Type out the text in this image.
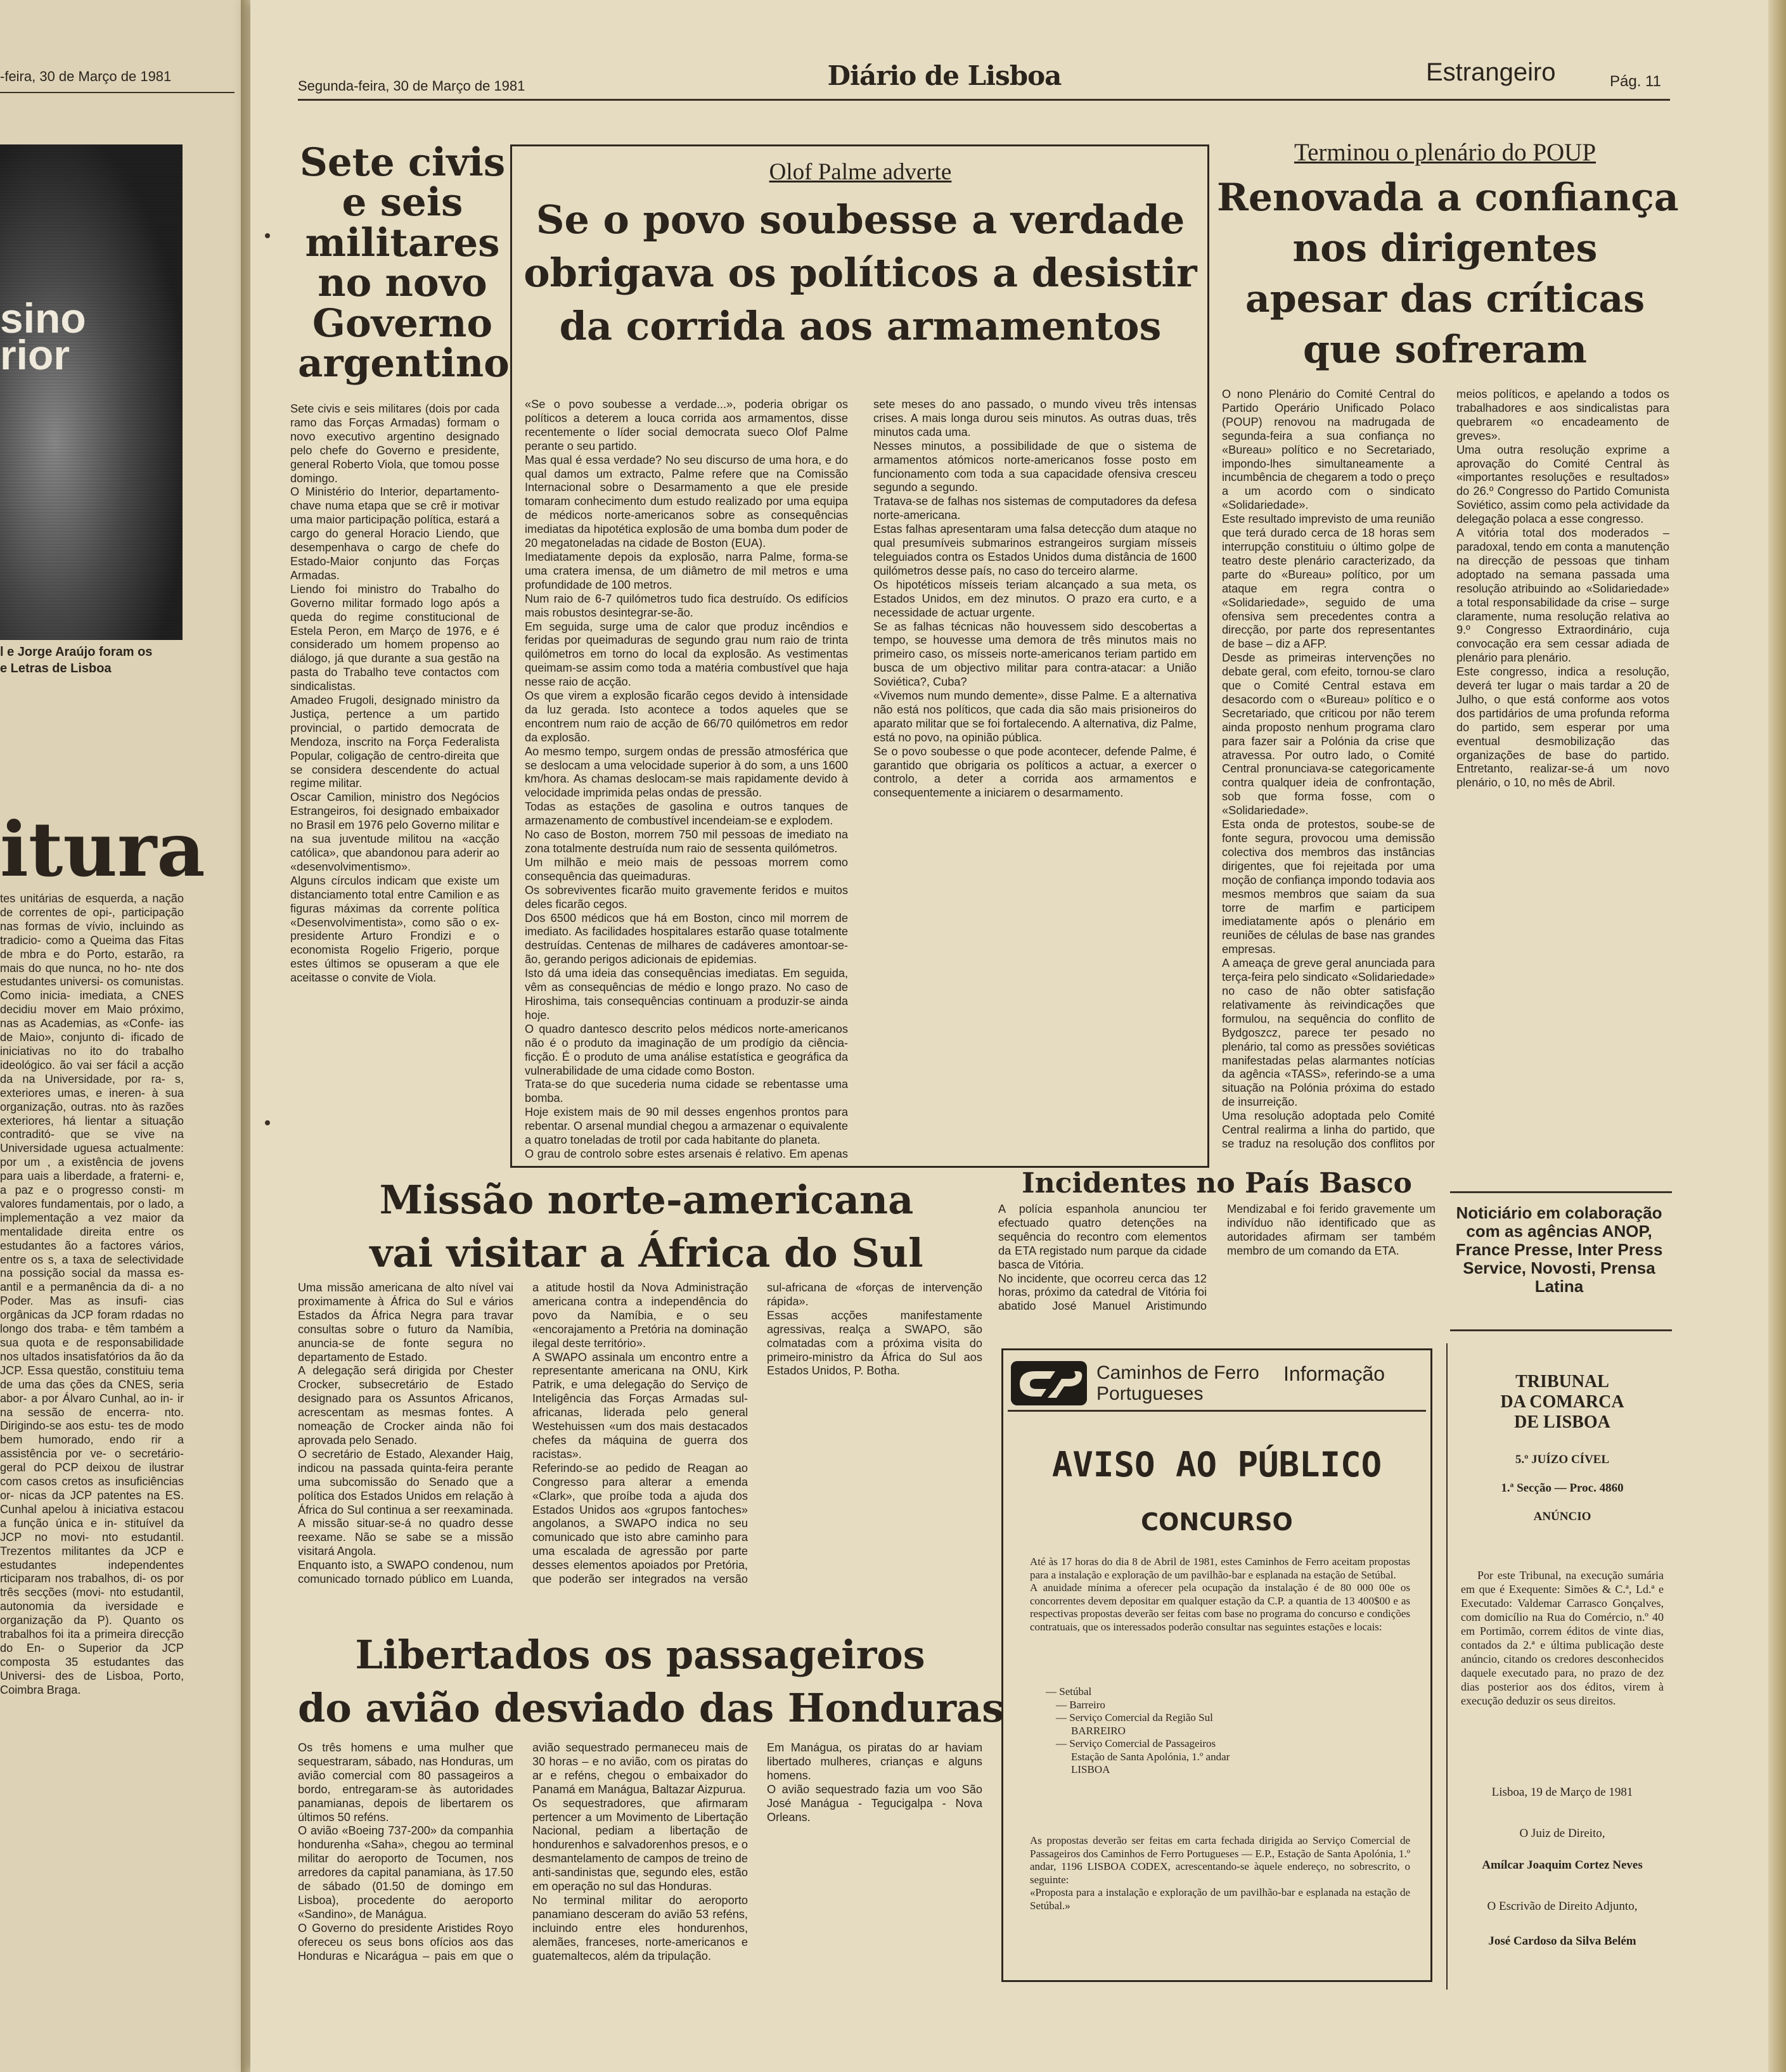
-feira, 30 de Março de 1981
sino
rior
l e Jorge Araújo foram os
e Letras de Lisboa
itura
tes unitárias de esquerda, a nação de correntes de opi-, participação nas formas de vívio, incluindo as tradicio- como a Queima das Fitas de mbra e do Porto, estarão, ra mais do que nunca, no ho- nte dos estudantes universi- os comunistas. Como inicia- imediata, a CNES decidiu mover em Maio próximo, nas as Academias, as «Confe- ias de Maio», conjunto di- ificado de iniciativas no ito do trabalho ideológico. ão vai ser fácil a acção da na Universidade, por ra- s, exteriores umas, e ineren- à sua organização, outras. nto às razões exteriores, há lientar a situação contraditó- que se vive na Universidade uguesa actualmente: por um , a existência de jovens para uais a liberdade, a fraterni- e, a paz e o progresso consti- m valores fundamentais, por o lado, a implementação a vez maior da mentalidade direita entre os estudantes ão a factores vários, entre os s, a taxa de selectividade na possição social da massa es- antil e a permanência da di- a no Poder. Mas as insufi- cias orgânicas da JCP foram rdadas no longo dos traba- e têm também a sua quota e de responsabilidade nos ultados insatisfatórios da ão da JCP. Essa questão, constituiu tema de uma das ções da CNES, seria abor- a por Álvaro Cunhal, ao in- ir na sessão de encerra- nto. Dirigindo-se aos estu- tes de modo bem humorado, endo rir a assistência por ve- o secretário-geral do PCP deixou de ilustrar com casos cretos as insuficiências or- nicas da JCP patentes na ES. Cunhal apelou à iniciativa estacou a função única e in- stituível da JCP no movi- nto estudantil. Trezentos militantes da JCP e estudantes independentes rticiparam nos trabalhos, di- os por três secções (movi- nto estudantil, autonomia da iversidade e organização da P). Quanto os trabalhos foi ita a primeira direcção do En- o Superior da JCP composta 35 estudantes das Universi- des de Lisboa, Porto, Coimbra Braga.
Segunda-feira, 30 de Março de 1981	Diário de Lisboa	Estrangeiro	Pág. 11
Sete civis
e seis
militares
no novo
Governo
argentino
Sete civis e seis militares (dois por cada ramo das Forças Armadas) formam o novo executivo argentino designado pelo chefe do Governo e presidente, general Roberto Viola, que tomou posse domingo.
O Ministério do Interior, departamento-chave numa etapa que se crê ir motivar uma maior participação política, estará a cargo do general Horacio Liendo, que desempenhava o cargo de chefe do Estado-Maior conjunto das Forças Armadas.
Liendo foi ministro do Trabalho do Governo militar formado logo após a queda do regime constitucional de Estela Peron, em Março de 1976, e é considerado um homem propenso ao diálogo, já que durante a sua gestão na pasta do Trabalho teve contactos com sindicalistas.
Amadeo Frugoli, designado ministro da Justiça, pertence a um partido provincial, o partido democrata de Mendoza, inscrito na Força Federalista Popular, coligação de centro-direita que se considera descendente do actual regime militar.
Oscar Camilion, ministro dos Negócios Estrangeiros, foi designado embaixador no Brasil em 1976 pelo Governo militar e na sua juventude militou na «acção católica», que abandonou para aderir ao «desenvolvimentismo».
Alguns círculos indicam que existe um distanciamento total entre Camilion e as figuras máximas da corrente política «Desenvolvimentista», como são o ex-presidente Arturo Frondizi e o economista Rogelio Frigerio, porque estes últimos se opuseram a que ele aceitasse o convite de Viola.
Olof Palme adverte
Se o povo soubesse a verdade
obrigava os políticos a desistir
da corrida aos armamentos
«Se o povo soubesse a verdade...», poderia obrigar os políticos a deterem a louca corrida aos armamentos, disse recentemente o líder social democrata sueco Olof Palme perante o seu partido.
Mas qual é essa verdade? No seu discurso de uma hora, e do qual damos um extracto, Palme refere que na Comissão Internacional sobre o Desarmamento a que ele preside tomaram conhecimento dum estudo realizado por uma equipa de médicos norte-americanos sobre as consequências imediatas da hipotética explosão de uma bomba dum poder de 20 megatoneladas na cidade de Boston (EUA).
Imediatamente depois da explosão, narra Palme, forma-se uma cratera imensa, de um diâmetro de mil metros e uma profundidade de 100 metros.
Num raio de 6-7 quilómetros tudo fica destruído. Os edifícios mais robustos desintegrar-se-ão.
Em seguida, surge uma de calor que produz incêndios e feridas por queimaduras de segundo grau num raio de trinta quilómetros em torno do local da explosão. As vestimentas queimam-se assim como toda a matéria combustível que haja nesse raio de acção.
Os que virem a explosão ficarão cegos devido à intensidade da luz gerada. Isto acontece a todos aqueles que se encontrem num raio de acção de 66/70 quilómetros em redor da explosão.
Ao mesmo tempo, surgem ondas de pressão atmosférica que se deslocam a uma velocidade superior à do som, a uns 1600 km/hora. As chamas deslocam-se mais rapidamente devido à velocidade imprimida pelas ondas de pressão.
Todas as estações de gasolina e outros tanques de armazenamento de combustível incendeiam-se e explodem.
No caso de Boston, morrem 750 mil pessoas de imediato na zona totalmente destruída num raio de sessenta quilómetros.
Um milhão e meio mais de pessoas morrem como consequência das queimaduras.
Os sobreviventes ficarão muito gravemente feridos e muitos deles ficarão cegos.
Dos 6500 médicos que há em Boston, cinco mil morrem de imediato. As facilidades hospitalares estarão quase totalmente destruídas. Centenas de milhares de cadáveres amontoar-se-ão, gerando perigos adicionais de epidemias.
Isto dá uma ideia das consequências imediatas. Em seguida, vêm as consequências de médio e longo prazo. No caso de Hiroshima, tais consequências continuam a produzir-se ainda hoje.
O quadro dantesco descrito pelos médicos norte-americanos não é o produto da imaginação de um prodígio da ciência-ficção. É o produto de uma análise estatística e geográfica da vulnerabilidade de uma cidade como Boston.
Trata-se do que sucederia numa cidade se rebentasse uma bomba.
Hoje existem mais de 90 mil desses engenhos prontos para rebentar. O arsenal mundial chegou a armazenar o equivalente a quatro toneladas de trotil por cada habitante do planeta.
O grau de controlo sobre estes arsenais é relativo. Em apenas sete meses do ano passado, o mundo viveu três intensas crises. A mais longa durou seis minutos. As outras duas, três minutos cada uma.
Nesses minutos, a possibilidade de que o sistema de armamentos atómicos norte-americanos fosse posto em funcionamento com toda a sua capacidade ofensiva cresceu segundo a segundo.
Tratava-se de falhas nos sistemas de computadores da defesa norte-americana.
Estas falhas apresentaram uma falsa detecção dum ataque no qual presumíveis submarinos estrangeiros surgiam mísseis teleguiados contra os Estados Unidos duma distância de 1600 quilómetros desse país, no caso do terceiro alarme.
Os hipotéticos mísseis teriam alcançado a sua meta, os Estados Unidos, em dez minutos. O prazo era curto, e a necessidade de actuar urgente.
Se as falhas técnicas não houvessem sido descobertas a tempo, se houvesse uma demora de três minutos mais no primeiro caso, os mísseis norte-americanos teriam partido em busca de um objectivo militar para contra-atacar: a União Soviética?, Cuba?
«Vivemos num mundo demente», disse Palme. E a alternativa não está nos políticos, que cada dia são mais prisioneiros do aparato militar que se foi fortalecendo. A alternativa, diz Palme, está no povo, na opinião pública.
Se o povo soubesse o que pode acontecer, defende Palme, é garantido que obrigaria os políticos a actuar, a exercer o controlo, a deter a corrida aos armamentos e consequentemente a iniciarem o desarmamento.
Terminou o plenário do POUP
Renovada a confiança
nos dirigentes
apesar das críticas
que sofreram
O nono Plenário do Comité Central do Partido Operário Unificado Polaco (POUP) renovou na madrugada de segunda-feira a sua confiança no «Bureau» político e no Secretariado, impondo-lhes simultaneamente a incumbência de chegarem a todo o preço a um acordo com o sindicato «Solidariedade».
Este resultado imprevisto de uma reunião que terá durado cerca de 18 horas sem interrupção constituiu o último golpe de teatro deste plenário caracterizado, da parte do «Bureau» político, por um ataque em regra contra o «Solidariedade», seguido de uma ofensiva sem precedentes contra a direcção, por parte dos representantes de base – diz a AFP.
Desde as primeiras intervenções no debate geral, com efeito, tornou-se claro que o Comité Central estava em desacordo com o «Bureau» político e o Secretariado, que criticou por não terem ainda proposto nenhum programa claro para fazer sair a Polónia da crise que atravessa. Por outro lado, o Comité Central pronunciava-se categoricamente contra qualquer ideia de confrontação, sob que forma fosse, com o «Solidariedade».
Esta onda de protestos, soube-se de fonte segura, provocou uma demissão colectiva dos membros das instâncias dirigentes, que foi rejeitada por uma moção de confiança impondo todavia aos mesmos membros que saiam da sua torre de marfim e participem imediatamente após o plenário em reuniões de células de base nas grandes empresas.
A ameaça de greve geral anunciada para terça-feira pelo sindicato «Solidariedade» no caso de não obter satisfação relativamente às reivindicações que formulou, na sequência do conflito de Bydgoszcz, parece ter pesado no plenário, tal como as pressões soviéticas manifestadas pelas alarmantes notícias da agência «TASS», referindo-se a uma situação na Polónia próxima do estado de insurreição.
Uma resolução adoptada pelo Comité Central realirma a linha do partido, que se traduz na resolução dos conflitos por meios políticos, e apelando a todos os trabalhadores e aos sindicalistas para quebrarem «o encadeamento de greves».
Uma outra resolução exprime a aprovação do Comité Central às «importantes resoluções e resultados» do 26.º Congresso do Partido Comunista Soviético, assim como pela actividade da delegação polaca a esse congresso.
A vitória total dos moderados – paradoxal, tendo em conta a manutenção na direcção de pessoas que tinham adoptado na semana passada uma resolução atribuindo ao «Solidariedade» a total responsabilidade da crise – surge claramente, numa resolução relativa ao 9.º Congresso Extraordinário, cuja convocação era sem cessar adiada de plenário para plenário.
Este congresso, indica a resolução, deverá ter lugar o mais tardar a 20 de Julho, o que está conforme aos votos dos partidários de uma profunda reforma do partido, sem esperar por uma eventual desmobilização das organizações de base do partido. Entretanto, realizar-se-á um novo plenário, o 10, no mês de Abril.
Missão norte-americana
vai visitar a África do Sul
Uma missão americana de alto nível vai proximamente à África do Sul e vários Estados da África Negra para travar consultas sobre o futuro da Namíbia, anuncia-se de fonte segura no departamento de Estado.
A delegação será dirigida por Chester Crocker, subsecretário de Estado designado para os Assuntos Africanos, acrescentam as mesmas fontes. A nomeação de Crocker ainda não foi aprovada pelo Senado.
O secretário de Estado, Alexander Haig, indicou na passada quinta-feira perante uma subcomissão do Senado que a política dos Estados Unidos em relação à África do Sul continua a ser reexaminada. A missão situar-se-á no quadro desse reexame. Não se sabe se a missão visitará Angola.
Enquanto isto, a SWAPO condenou, num comunicado tornado público em Luanda, a atitude hostil da Nova Administração americana contra a independência do povo da Namíbia, e o seu «encorajamento a Pretória na dominação ilegal deste território».
A SWAPO assinala um encontro entre a representante americana na ONU, Kirk Patrik, e uma delegação do Serviço de Inteligência das Forças Armadas sul-africanas, liderada pelo general Westehuissen «um dos mais destacados chefes da máquina de guerra dos racistas».
Referindo-se ao pedido de Reagan ao Congresso para alterar a emenda «Clark», que proíbe toda a ajuda dos Estados Unidos aos «grupos fantoches» angolanos, a SWAPO indica no seu comunicado que isto abre caminho para uma escalada de agressão por parte desses elementos apoiados por Pretória, que poderão ser integrados na versão sul-africana de «forças de intervenção rápida».
Essas acções manifestamente agressivas, realça a SWAPO, são colmatadas com a próxima visita do primeiro-ministro da África do Sul aos Estados Unidos, P. Botha.
Incidentes no País Basco
A polícia espanhola anunciou ter efectuado quatro detenções na sequência do recontro com elementos da ETA registado num parque da cidade basca de Vitória.
No incidente, que ocorreu cerca das 12 horas, próximo da catedral de Vitória foi abatido José Manuel Aristimundo Mendizabal e foi ferido gravemente um indivíduo não identificado que as autoridades afirmam ser também membro de um comando da ETA.
Noticiário em colaboração com as agências ANOP, France Presse, Inter Press Service, Novosti, Prensa Latina
Caminhos de Ferro
Portugueses
Informação
AVISO AO PÚBLICO
CONCURSO
Até às 17 horas do dia 8 de Abril de 1981, estes Caminhos de Ferro aceitam propostas para a instalação e exploração de um pavilhão-bar e esplanada na estação de Setúbal.
A anuidade mínima a oferecer pela ocupação da instalação é de 80 000 00e os concorrentes devem depositar em qualquer estação da C.P. a quantia de 13 400$00 e as respectivas propostas deverão ser feitas com base no programa do concurso e condições contratuais, que os interessados poderão consultar nas seguintes estações e locais:
— Setúbal
— Barreiro
— Serviço Comercial da Região Sul
BARREIRO
— Serviço Comercial de Passageiros
Estação de Santa Apolónia, 1.º andar
LISBOA
As propostas deverão ser feitas em carta fechada dirigida ao Serviço Comercial de Passageiros dos Caminhos de Ferro Portugueses — E.P., Estação de Santa Apolónia, 1.º andar, 1196 LISBOA CODEX, acrescentando-se àquele endereço, no sobrescrito, o seguinte:
«Proposta para a instalação e exploração de um pavilhão-bar e esplanada na estação de Setúbal.»
TRIBUNAL
DA COMARCA
DE LISBOA
5.º JUÍZO CÍVEL
1.ª Secção — Proc. 4860
ANÚNCIO
Por este Tribunal, na execução sumária em que é Exequente: Simões & C.ª, Ld.ª e Executado: Valdemar Carrasco Gonçalves, com domicílio na Rua do Comércio, n.º 40 em Portimão, correm éditos de vinte dias, contados da 2.ª e última publicação deste anúncio, citando os credores desconhecidos daquele executado para, no prazo de dez dias posterior aos dos éditos, virem à execução deduzir os seus direitos.
Lisboa, 19 de Março de 1981
O Juiz de Direito,
Amílcar Joaquim Cortez Neves
O Escrivão de Direito Adjunto,
José Cardoso da Silva Belém
Libertados os passageiros
do avião desviado das Honduras
Os três homens e uma mulher que sequestraram, sábado, nas Honduras, um avião comercial com 80 passageiros a bordo, entregaram-se às autoridades panamianas, depois de libertarem os últimos 50 reféns.
O avião «Boeing 737-200» da companhia hondurenha «Saha», chegou ao terminal militar do aeroporto de Tocumen, nos arredores da capital panamiana, às 17.50 de sábado (01.50 de domingo em Lisboa), procedente do aeroporto «Sandino», de Manágua.
O Governo do presidente Aristides Royo ofereceu os seus bons ofícios aos das Honduras e Nicarágua – pais em que o avião sequestrado permaneceu mais de 30 horas – e no avião, com os piratas do ar e reféns, chegou o embaixador do Panamá em Manágua, Baltazar Aizpurua.
Os sequestradores, que afirmaram pertencer a um Movimento de Libertação Nacional, pediam a libertação de hondurenhos e salvadorenhos presos, e o desmantelamento de campos de treino de anti-sandinistas que, segundo eles, estão em operação no sul das Honduras.
No terminal militar do aeroporto panamiano desceram do avião 53 reféns, incluindo entre eles hondurenhos, alemães, franceses, norte-americanos e guatemaltecos, além da tripulação.
Em Manágua, os piratas do ar haviam libertado mulheres, crianças e alguns homens.
O avião sequestrado fazia um voo São José Manágua - Tegucigalpa - Nova Orleans.
